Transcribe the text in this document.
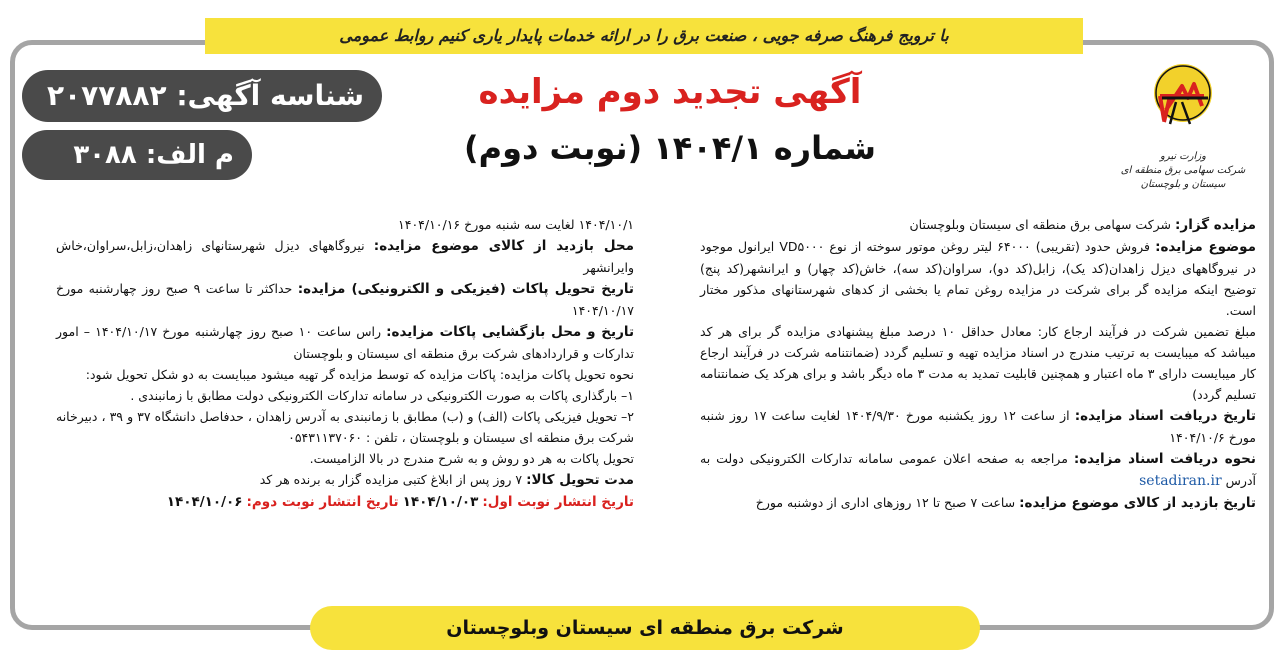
با ترویج فرهنگ صرفه جویی ، صنعت برق را در ارائه خدمات پایدار یاری کنیم روابط عمومی
وزارت نیرو
شرکت سهامی برق منطقه ای
سیستان و بلوچستان
آگهی تجدید دوم مزایده
شماره ۱۴۰۴/۱ (نوبت دوم)
شناسه آگهی: ۲۰۷۷۸۸۲
م الف: ۳۰۸۸

مزایده گزار: شرکت سهامی برق منطقه ای سیستان وبلوچستان

موضوع مزایده: فروش حدود (تقریبی) ۶۴۰۰۰ لیتر روغن موتور سوخته از نوع VD۵۰۰۰ ایرانول موجود در نیروگاههای دیزل زاهدان(کد یک)، زابل(کد دو)، سراوان(کد سه)، خاش(کد چهار) و ایرانشهر(کد پنج) توضیح اینکه مزایده گر برای شرکت در مزایده روغن تمام یا بخشی از کدهای شهرستانهای مذکور مختار است.

مبلغ تضمین شرکت در فرآیند ارجاع کار: معادل حداقل ۱۰ درصد مبلغ پیشنهادی مزایده گر برای هر کد میباشد که میبایست به ترتیب مندرج در اسناد مزایده تهیه و تسلیم گردد (ضمانتنامه شرکت در فرآیند ارجاع کار میبایست دارای ۳ ماه اعتبار و همچنین قابلیت تمدید به مدت ۳ ماه دیگر باشد و برای هرکد یک ضمانتنامه تسلیم گردد)

تاریخ دریافت اسناد مزایده: از ساعت ۱۲ روز یکشنبه مورخ ۱۴۰۴/۹/۳۰ لغایت ساعت ۱۷ روز شنبه مورخ ۱۴۰۴/۱۰/۶

نحوه دریافت اسناد مزایده: مراجعه به صفحه اعلان عمومی سامانه تدارکات الکترونیکی دولت به آدرس setadiran.ir

تاریخ بازدید از کالای موضوع مزایده: ساعت ۷ صبح تا ۱۲ روزهای اداری از دوشنبه مورخ

۱۴۰۴/۱۰/۱ لغایت سه شنبه مورخ ۱۴۰۴/۱۰/۱۶

محل بازدید از کالای موضوع مزایده: نیروگاههای دیزل شهرستانهای زاهدان،زابل،سراوان،خاش وایرانشهر

تاریخ تحویل پاکات (فیزیکی و الکترونیکی) مزایده: حداکثر تا ساعت ۹ صبح روز چهارشنبه مورخ ۱۴۰۴/۱۰/۱۷

تاریخ و محل بازگشایی پاکات مزایده: راس ساعت ۱۰ صبح روز چهارشنبه مورخ ۱۴۰۴/۱۰/۱۷ – امور تدارکات و قراردادهای شرکت برق منطقه ای سیستان و بلوچستان

نحوه تحویل پاکات مزایده: پاکات مزایده که توسط مزایده گر تهیه میشود میبایست به دو شکل تحویل شود:

۱– بارگذاری پاکات به صورت الکترونیکی در سامانه تدارکات الکترونیکی دولت مطابق با زمانبندی .

۲– تحویل فیزیکی پاکات (الف) و (ب) مطابق با زمانبندی به آدرس زاهدان ، حدفاصل دانشگاه ۳۷ و ۳۹ ، دبیرخانه شرکت برق منطقه ای سیستان و بلوچستان ، تلفن : ۰۵۴۳۱۱۳۷۰۶۰

تحویل پاکات به هر دو روش و به شرح مندرج در بالا الزامیست.

مدت تحویل کالا: ۷ روز پس از ابلاغ کتبی مزایده گزار به برنده هر کد

تاریخ انتشار نوبت اول: ۱۴۰۴/۱۰/۰۳ تاریخ انتشار نوبت دوم: ۱۴۰۴/۱۰/۰۶

شرکت برق منطقه ای سیستان وبلوچستان
